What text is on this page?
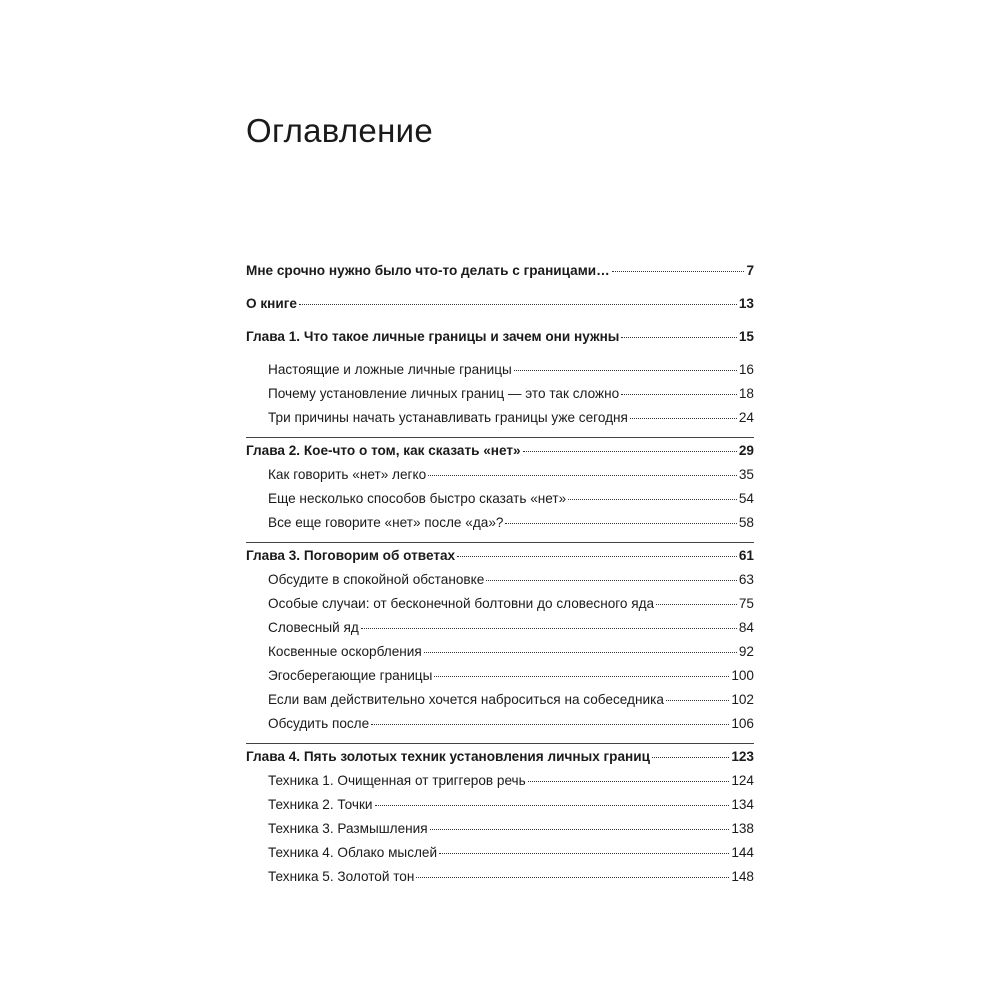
Оглавление
Мне срочно нужно было что-то делать с границами…	7
О книге	13
Глава 1. Что такое личные границы и зачем они нужны	15
Настоящие и ложные личные границы	16
Почему установление личных границ — это так сложно	18
Три причины начать устанавливать границы уже сегодня	24
Глава 2. Кое-что о том, как сказать «нет»	29
Как говорить «нет» легко	35
Еще несколько способов быстро сказать «нет»	54
Все еще говорите «нет» после «да»?	58
Глава 3. Поговорим об ответах	61
Обсудите в спокойной обстановке	63
Особые случаи: от бесконечной болтовни до словесного яда	75
Словесный яд	84
Косвенные оскорбления	92
Эгосберегающие границы	100
Если вам действительно хочется наброситься на собеседника	102
Обсудить после	106
Глава 4. Пять золотых техник установления личных границ	123
Техника 1. Очищенная от триггеров речь	124
Техника 2. Точки	134
Техника 3. Размышления	138
Техника 4. Облако мыслей	144
Техника 5. Золотой тон	148
